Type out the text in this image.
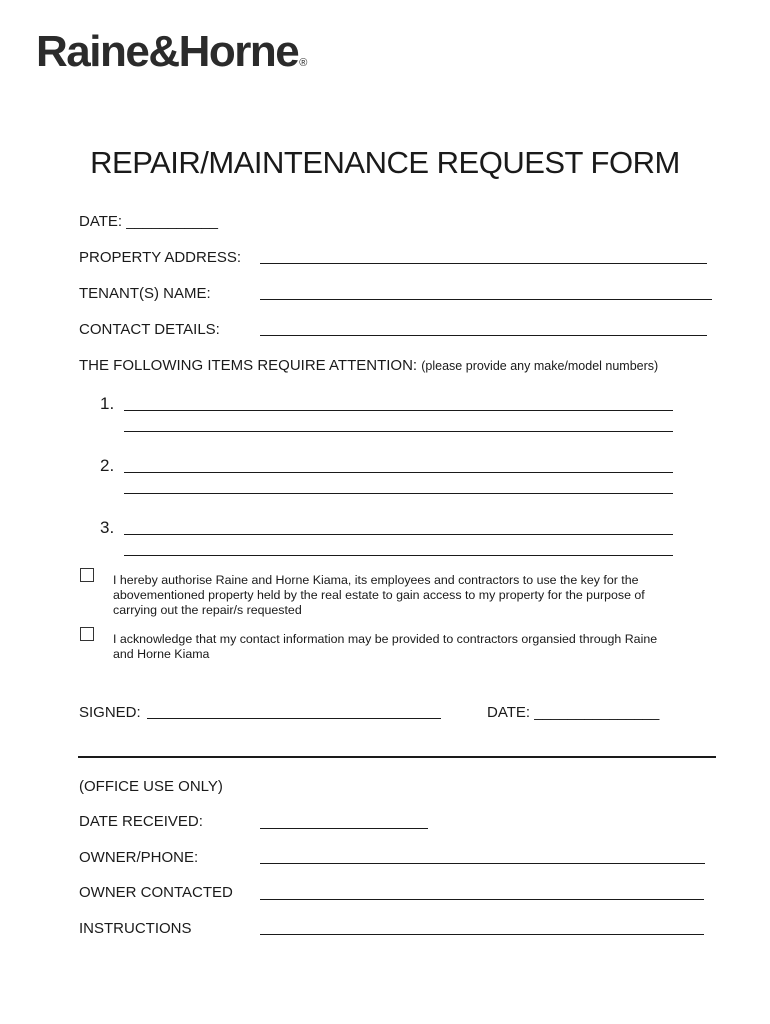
Raine&Horne®
REPAIR/MAINTENANCE REQUEST FORM
DATE: ___________
PROPERTY ADDRESS:
TENANT(S) NAME:
CONTACT DETAILS:
THE FOLLOWING ITEMS REQUIRE ATTENTION: (please provide any make/model numbers)
1.
2.
3.
I hereby authorise Raine and Horne Kiama, its employees and contractors to use the key for the abovementioned property held by the real estate to gain access to my property for the purpose of carrying out the repair/s requested
I acknowledge that my contact information may be provided to contractors organsied through Raine and Horne Kiama
SIGNED:	DATE: _______________
(OFFICE USE ONLY)
DATE RECEIVED:
OWNER/PHONE:
OWNER CONTACTED
INSTRUCTIONS
